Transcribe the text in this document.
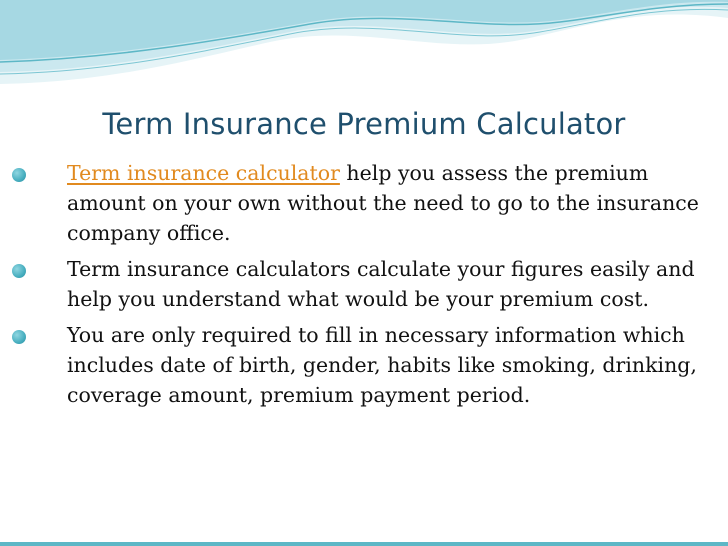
Term Insurance Premium Calculator
Term insurance calculator help you assess the premium amount on your own without the need to go to the insurance company office.
Term insurance calculators calculate your figures easily and help you understand what would be your premium cost.
You are only required to fill in necessary information which includes date of birth, gender, habits like smoking, drinking, coverage amount, premium payment period.
